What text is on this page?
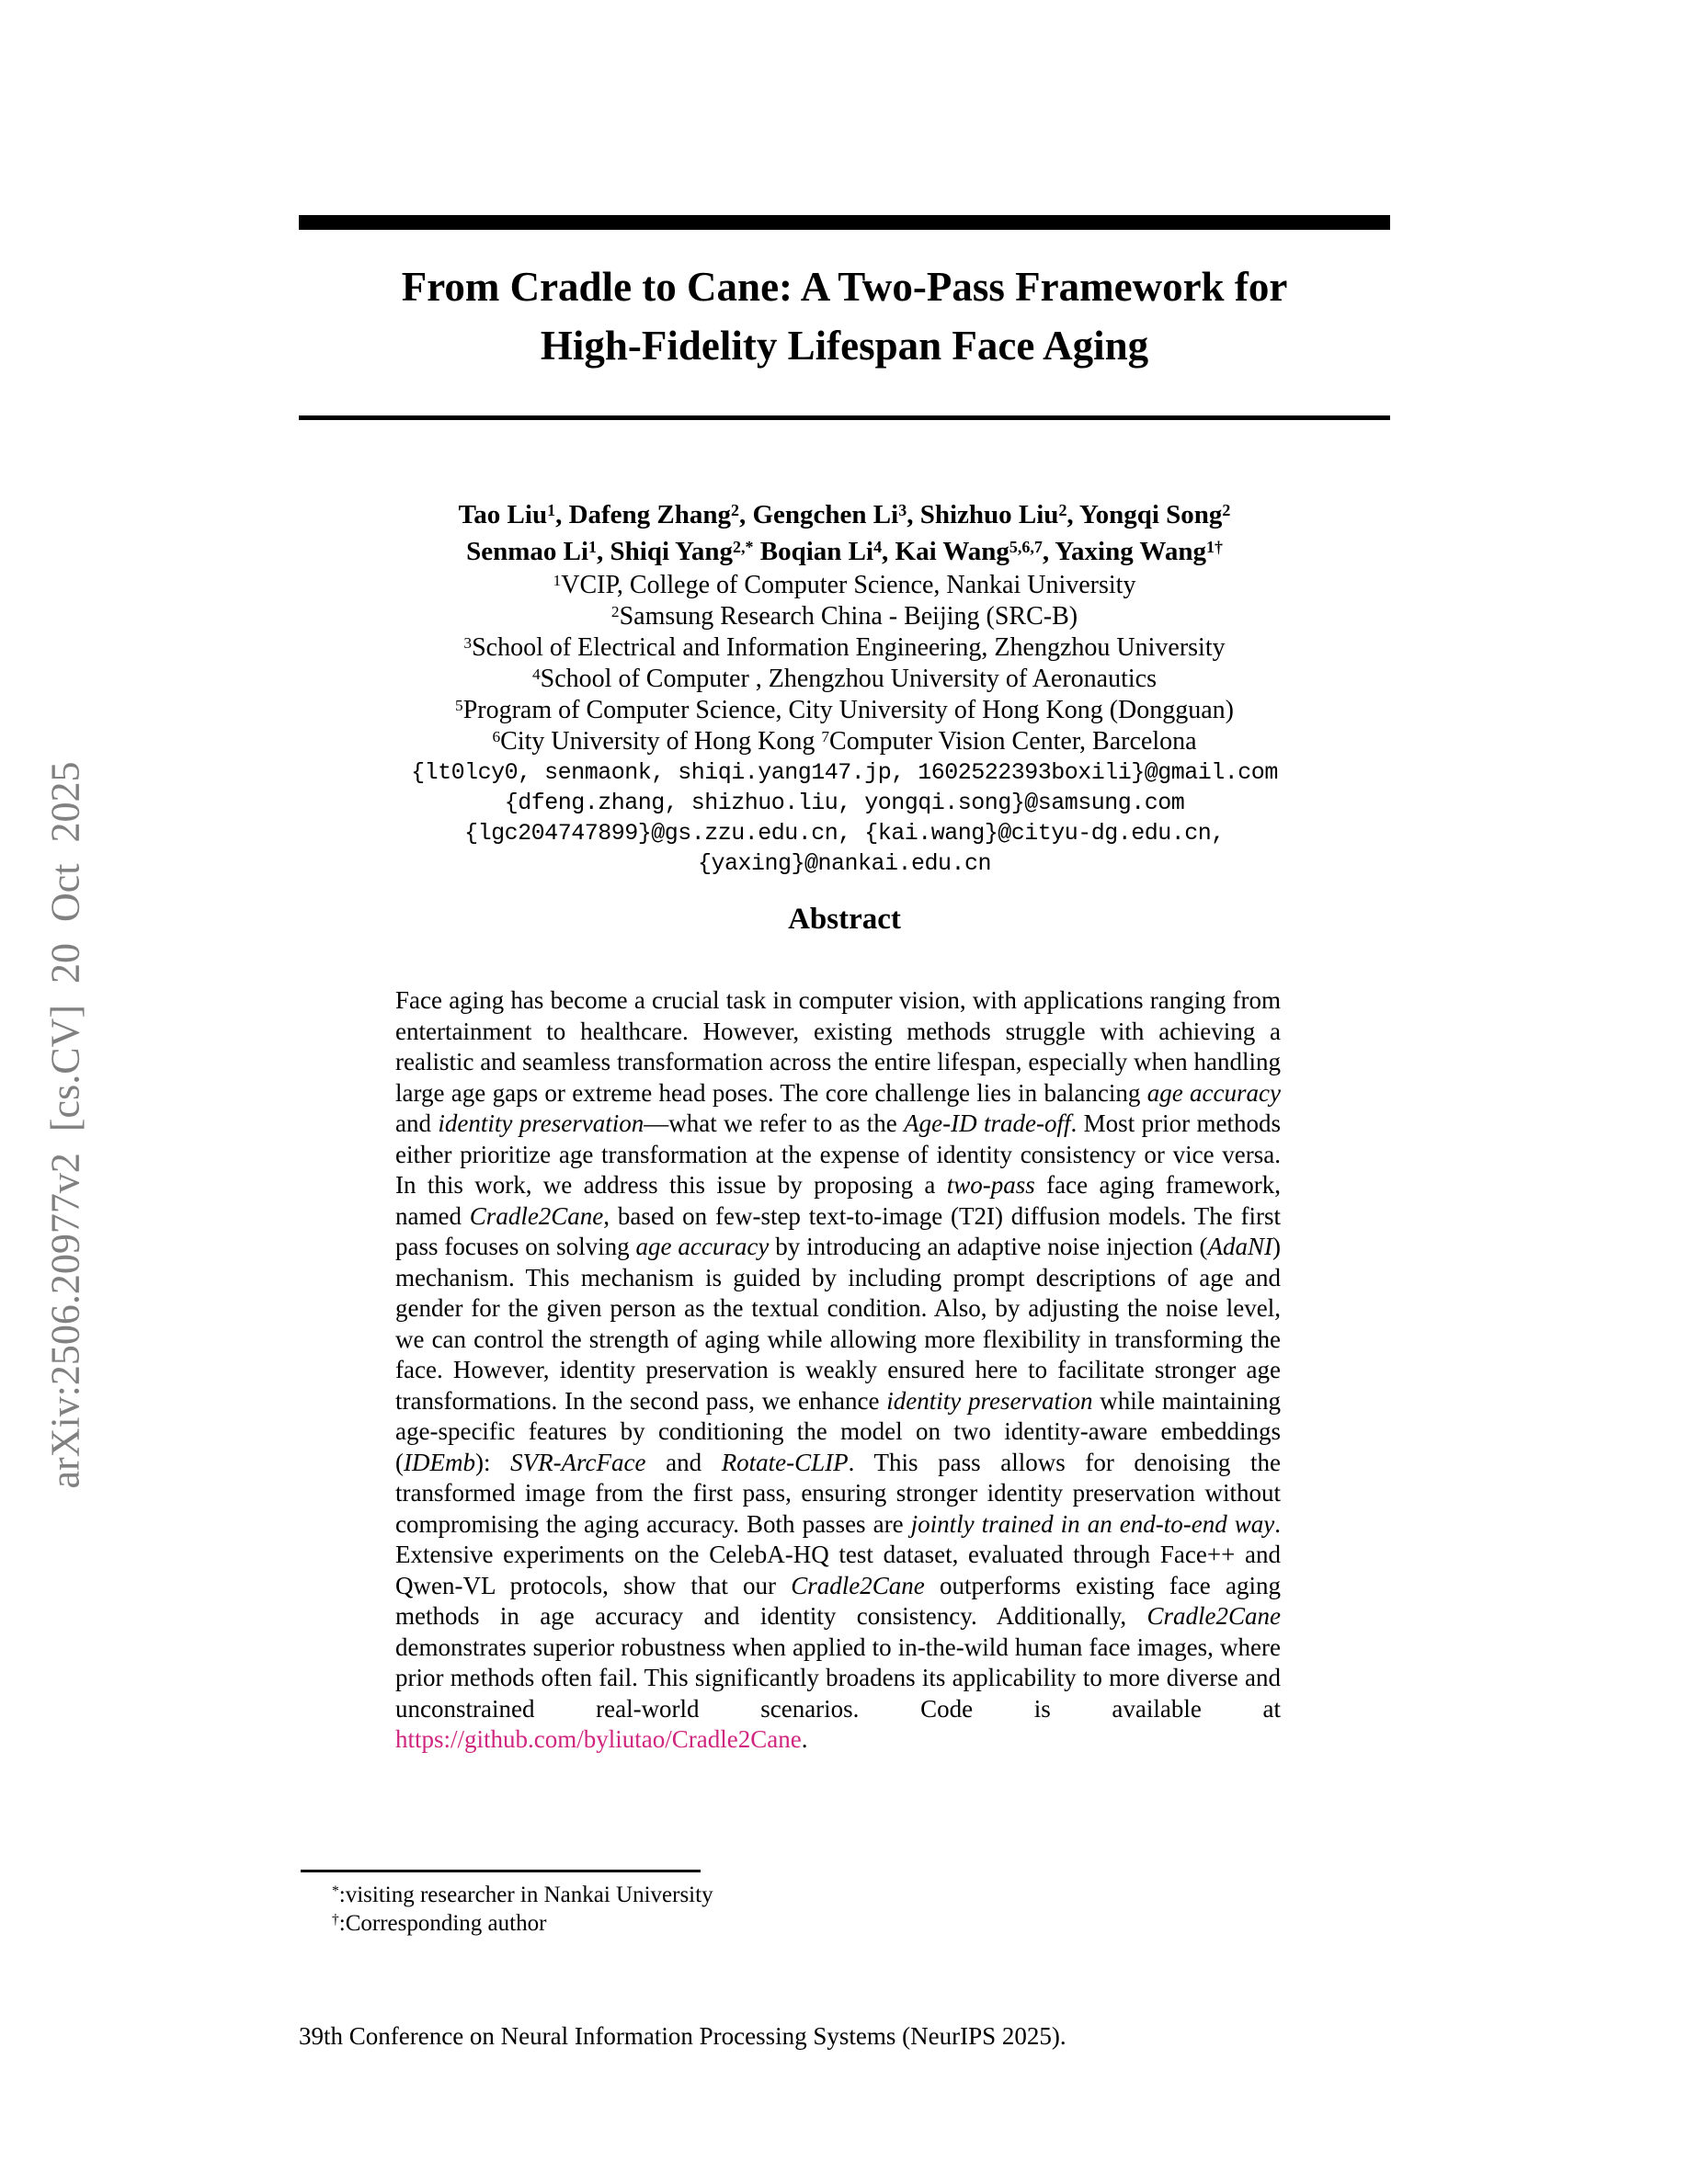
arXiv:2506.20977v2 [cs.CV] 20 Oct 2025
From Cradle to Cane: A Two-Pass Framework for
High-Fidelity Lifespan Face Aging
Tao Liu$^1$, Dafeng Zhang$^2$, Gengchen Li$^3$, Shizhuo Liu$^2$, Yongqi Song$^2$
Senmao Li$^1$, Shiqi Yang$^{2,*}$ Boqian Li$^4$, Kai Wang$^{5,6,7}$, Yaxing Wang$^{1\dagger}$
$^1$VCIP, College of Computer Science, Nankai University
$^2$Samsung Research China - Beijing (SRC-B)
$^3$School of Electrical and Information Engineering, Zhengzhou University
$^4$School of Computer , Zhengzhou University of Aeronautics
$^5$Program of Computer Science, City University of Hong Kong (Dongguan)
$^6$City University of Hong Kong $^7$Computer Vision Center, Barcelona
{lt0lcy0, senmaonk, shiqi.yang147.jp, 1602522393boxili}@gmail.com
{dfeng.zhang, shizhuo.liu, yongqi.song}@samsung.com
{lgc204747899}@gs.zzu.edu.cn, {kai.wang}@cityu-dg.edu.cn,
{yaxing}@nankai.edu.cn
Abstract

Face aging has become a crucial task in computer vision, with applications ranging from entertainment to healthcare. However, existing methods struggle with achieving a realistic and seamless transformation across the entire lifespan, especially when handling large age gaps or extreme head poses. The core challenge lies in balancing age accuracy and identity preservation—what we refer to as the Age-ID trade-off. Most prior methods either prioritize age transformation at the expense of identity consistency or vice versa. In this work, we address this issue by proposing a two-pass face aging framework, named Cradle2Cane, based on few-step text-to-image (T2I) diffusion models. The first pass focuses on solving age accuracy by introducing an adaptive noise injection (AdaNI) mechanism. This mechanism is guided by including prompt descriptions of age and gender for the given person as the textual condition. Also, by adjusting the noise level, we can control the strength of aging while allowing more flexibility in transforming the face. However, identity preservation is weakly ensured here to facilitate stronger age transformations. In the second pass, we enhance identity preservation while maintaining age-specific features by conditioning the model on two identity-aware embeddings (IDEmb): SVR-ArcFace and Rotate-CLIP. This pass allows for denoising the transformed image from the first pass, ensuring stronger identity preservation without compromising the aging accuracy. Both passes are jointly trained in an end-to-end way. Extensive experiments on the CelebA-HQ test dataset, evaluated through Face++ and Qwen-VL protocols, show that our Cradle2Cane outperforms existing face aging methods in age accuracy and identity consistency. Additionally, Cradle2Cane demonstrates superior robustness when applied to in-the-wild human face images, where prior methods often fail. This significantly broadens its applicability to more diverse and unconstrained real-world scenarios. Code is available at https://github.com/byliutao/Cradle2Cane.

*:visiting researcher in Nankai University
†:Corresponding author
39th Conference on Neural Information Processing Systems (NeurIPS 2025).
